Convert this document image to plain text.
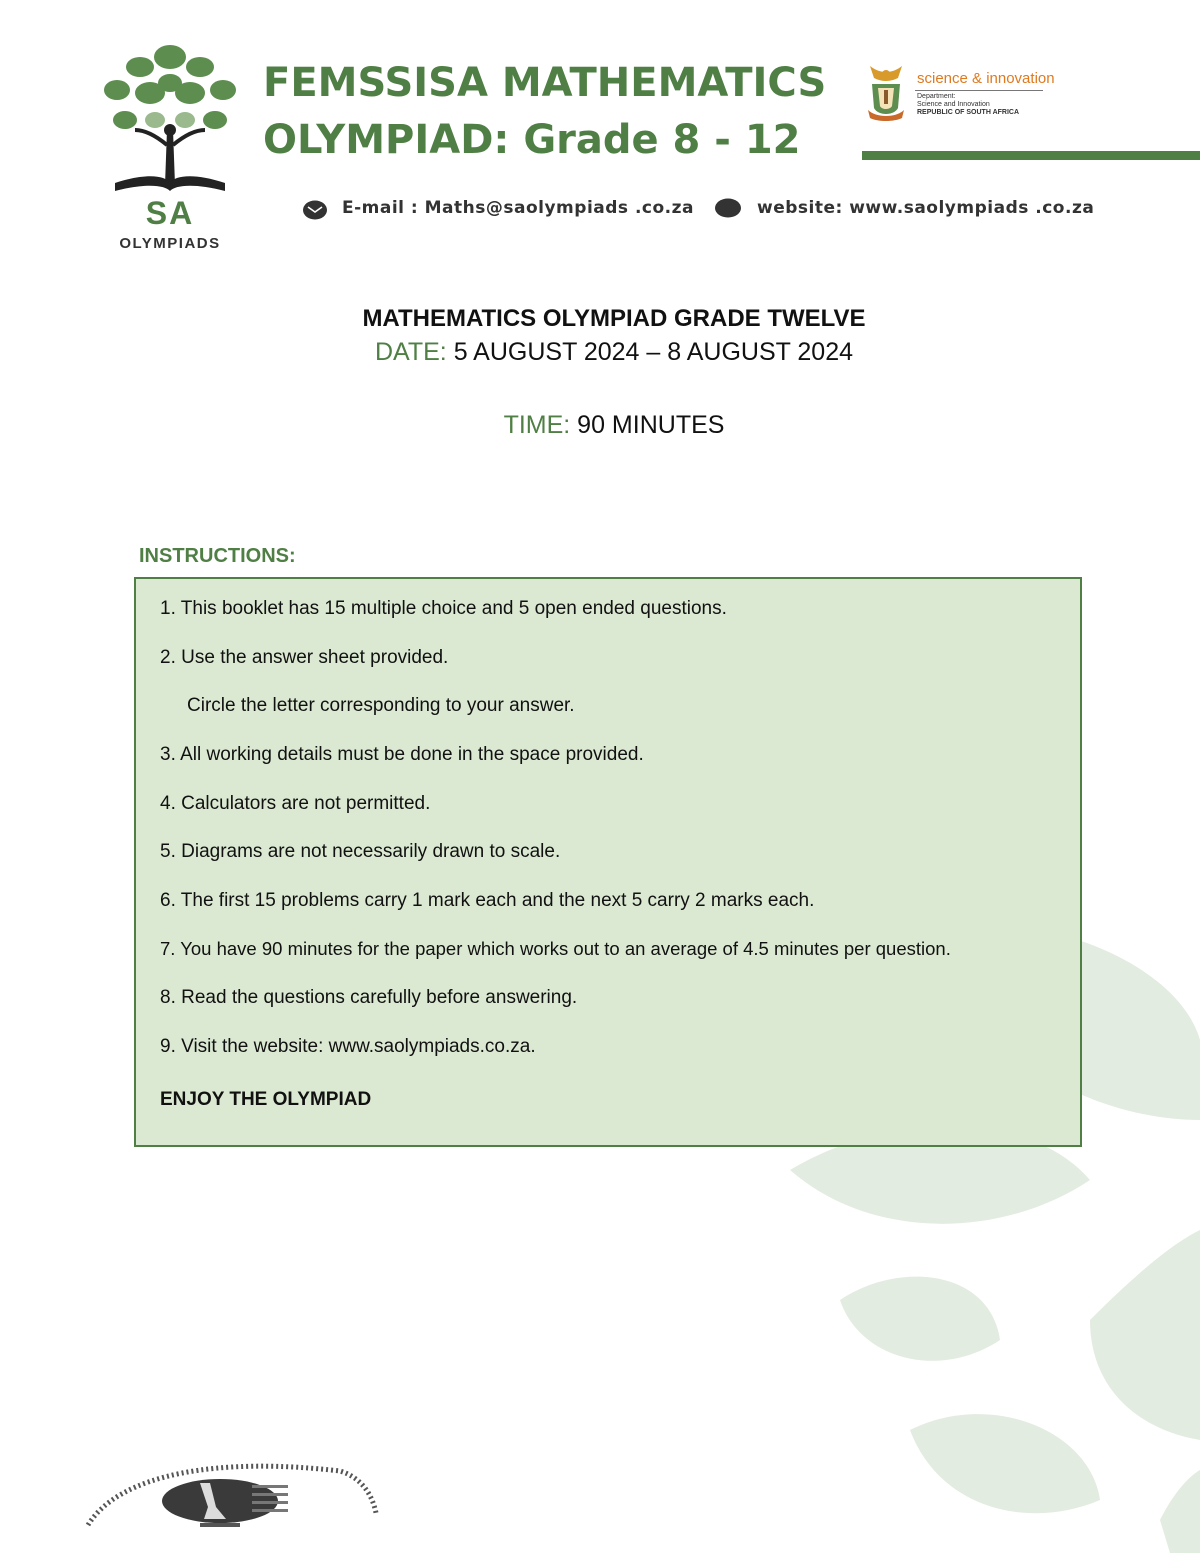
SA
OLYMPIADS
FEMSSISA MATHEMATICS
OLYMPIAD: Grade 8 - 12
science & innovation
Department:
Science and Innovation
REPUBLIC OF SOUTH AFRICA
E-mail : Maths@saolympiads .co.za	website: www.saolympiads .co.za
MATHEMATICS OLYMPIAD GRADE TWELVE
DATE: 5 AUGUST 2024 – 8 AUGUST 2024
TIME: 90 MINUTES
INSTRUCTIONS:
1. This booklet has 15 multiple choice and 5 open ended questions.
2. Use the answer sheet provided.
Circle the letter corresponding to your answer.
3. All working details must be done in the space provided.
4. Calculators are not permitted.
5. Diagrams are not necessarily drawn to scale.
6. The first 15 problems carry 1 mark each and the next 5 carry 2 marks each.
7. You have 90 minutes for the paper which works out to an average of 4.5 minutes per question.
8. Read the questions carefully before answering.
9. Visit the website: www.saolympiads.co.za.
ENJOY THE OLYMPIAD
